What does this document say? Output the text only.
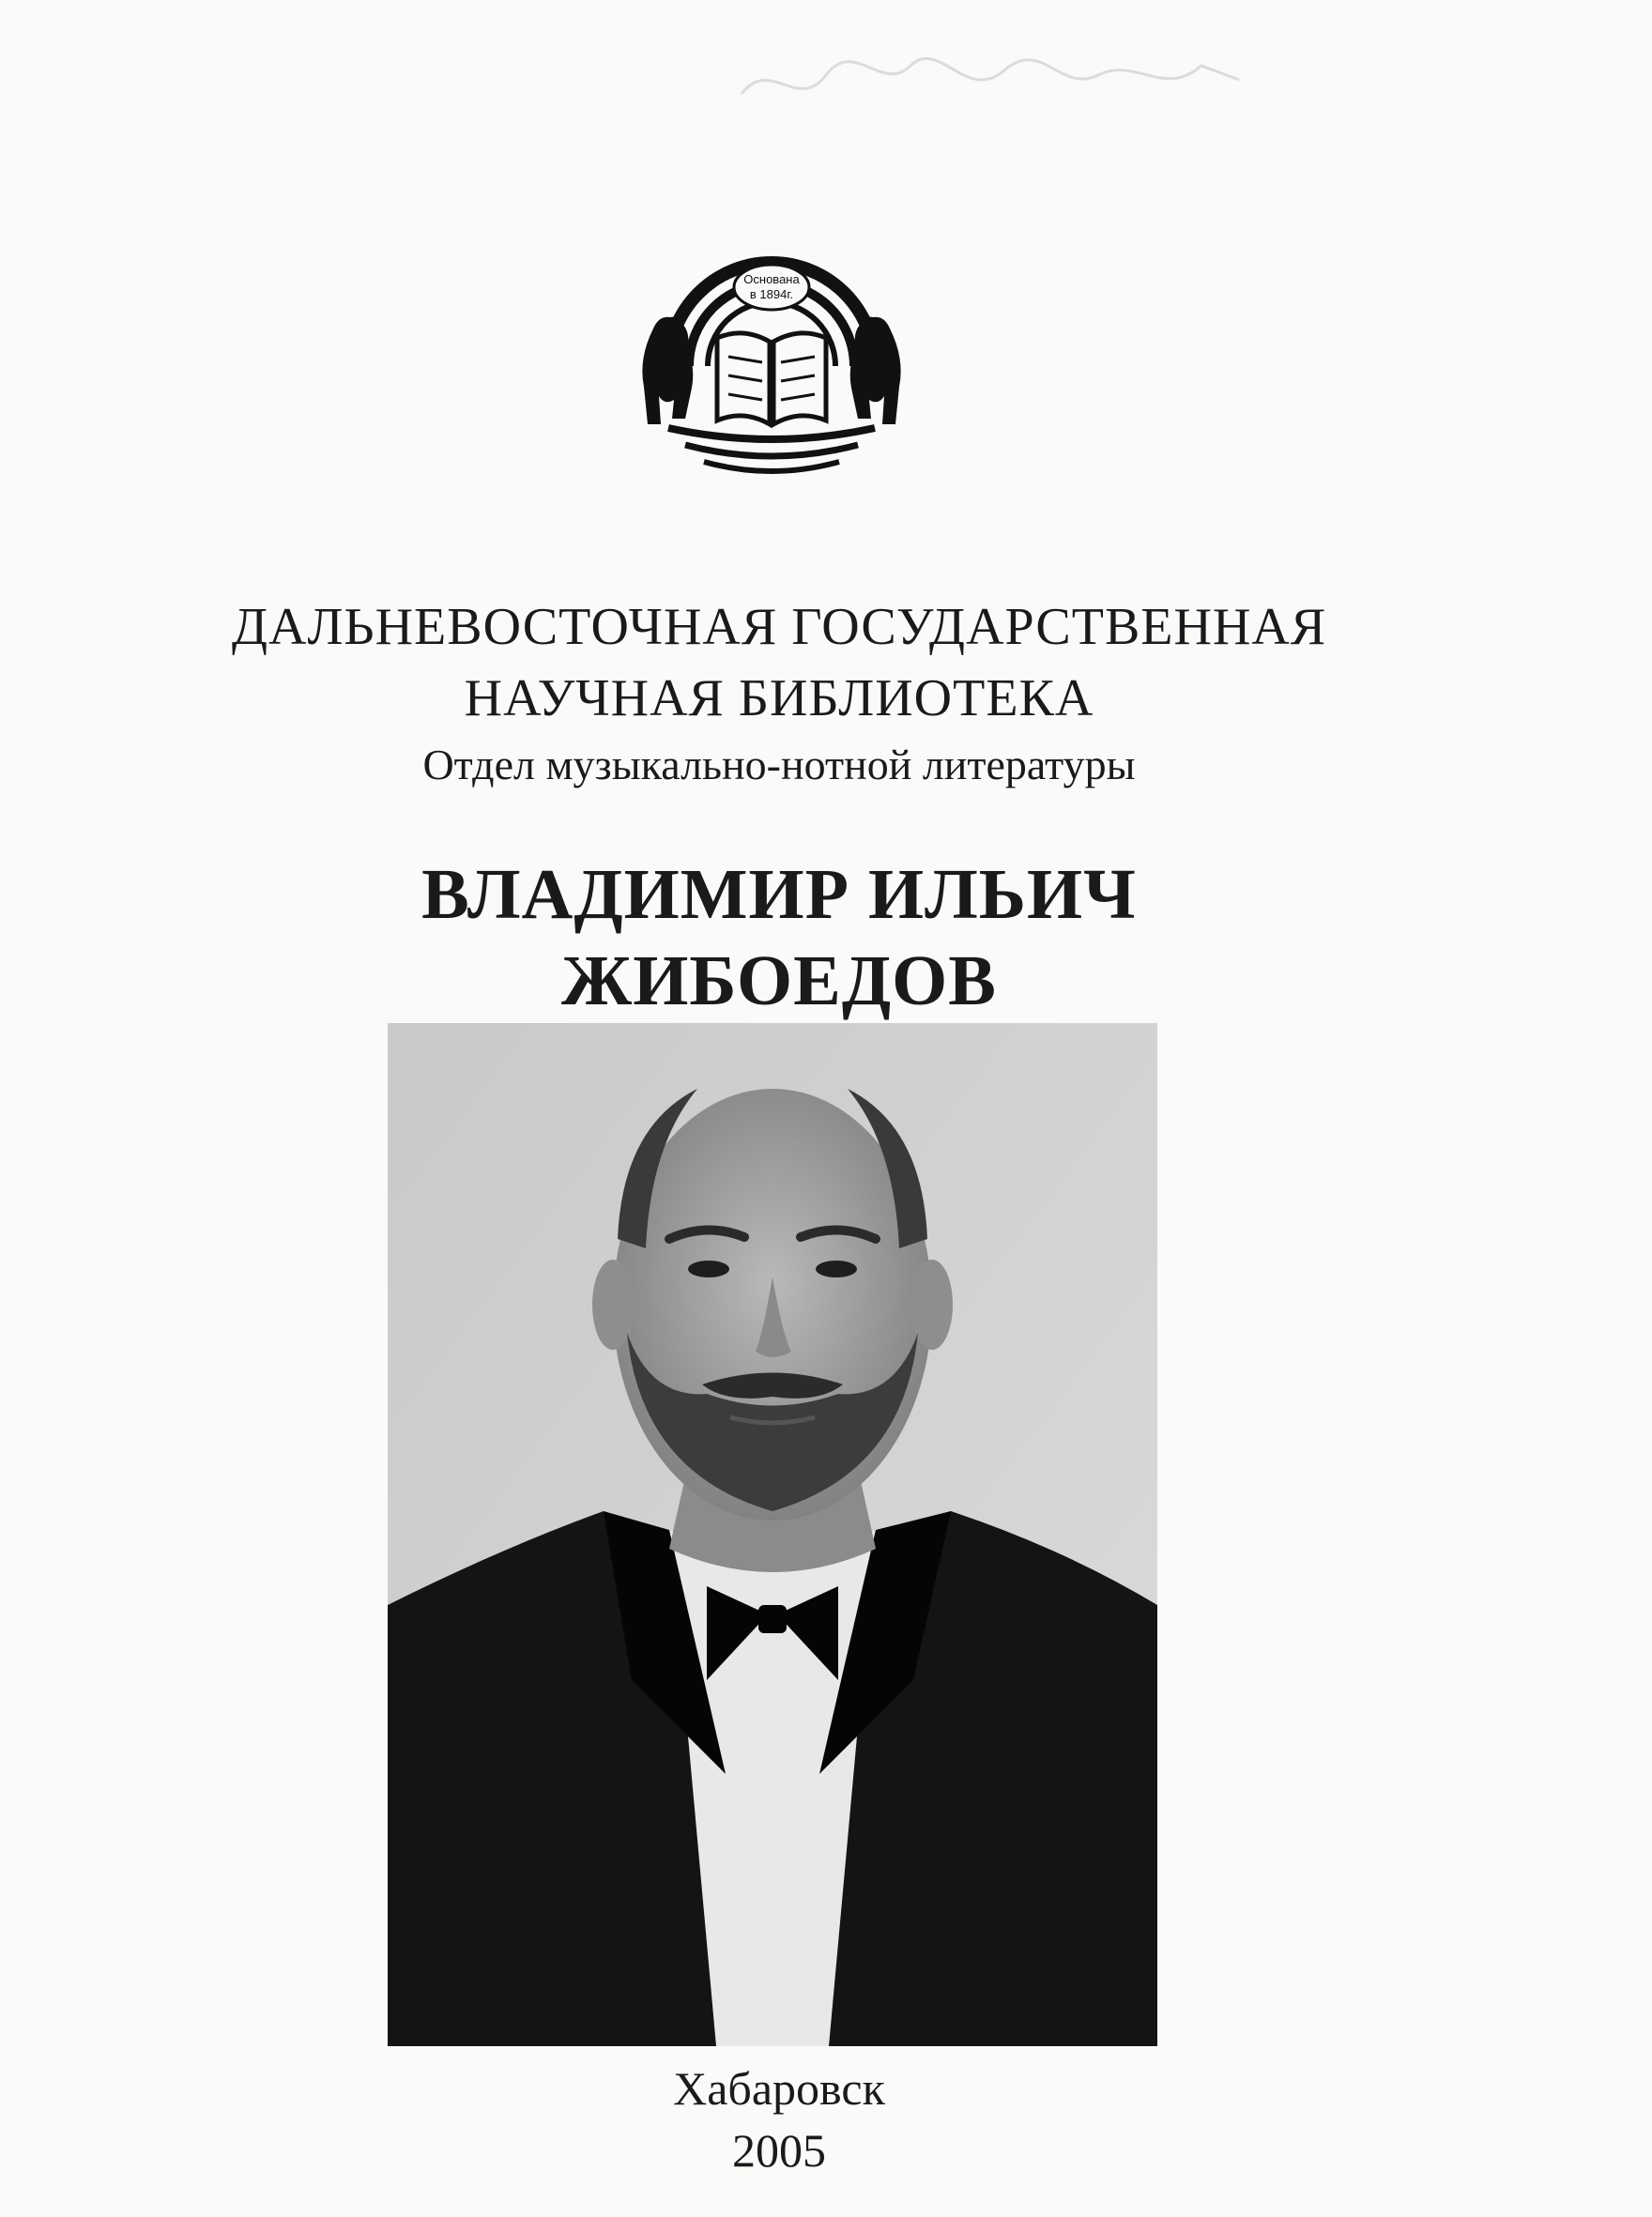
Основана
в 1894г.
ДАЛЬНЕВОСТОЧНАЯ ГОСУДАРСТВЕННАЯ
НАУЧНАЯ БИБЛИОТЕКА
Отдел музыкально-нотной литературы
ВЛАДИМИР ИЛЬИЧ
ЖИБОЕДОВ
Хабаровск
2005
